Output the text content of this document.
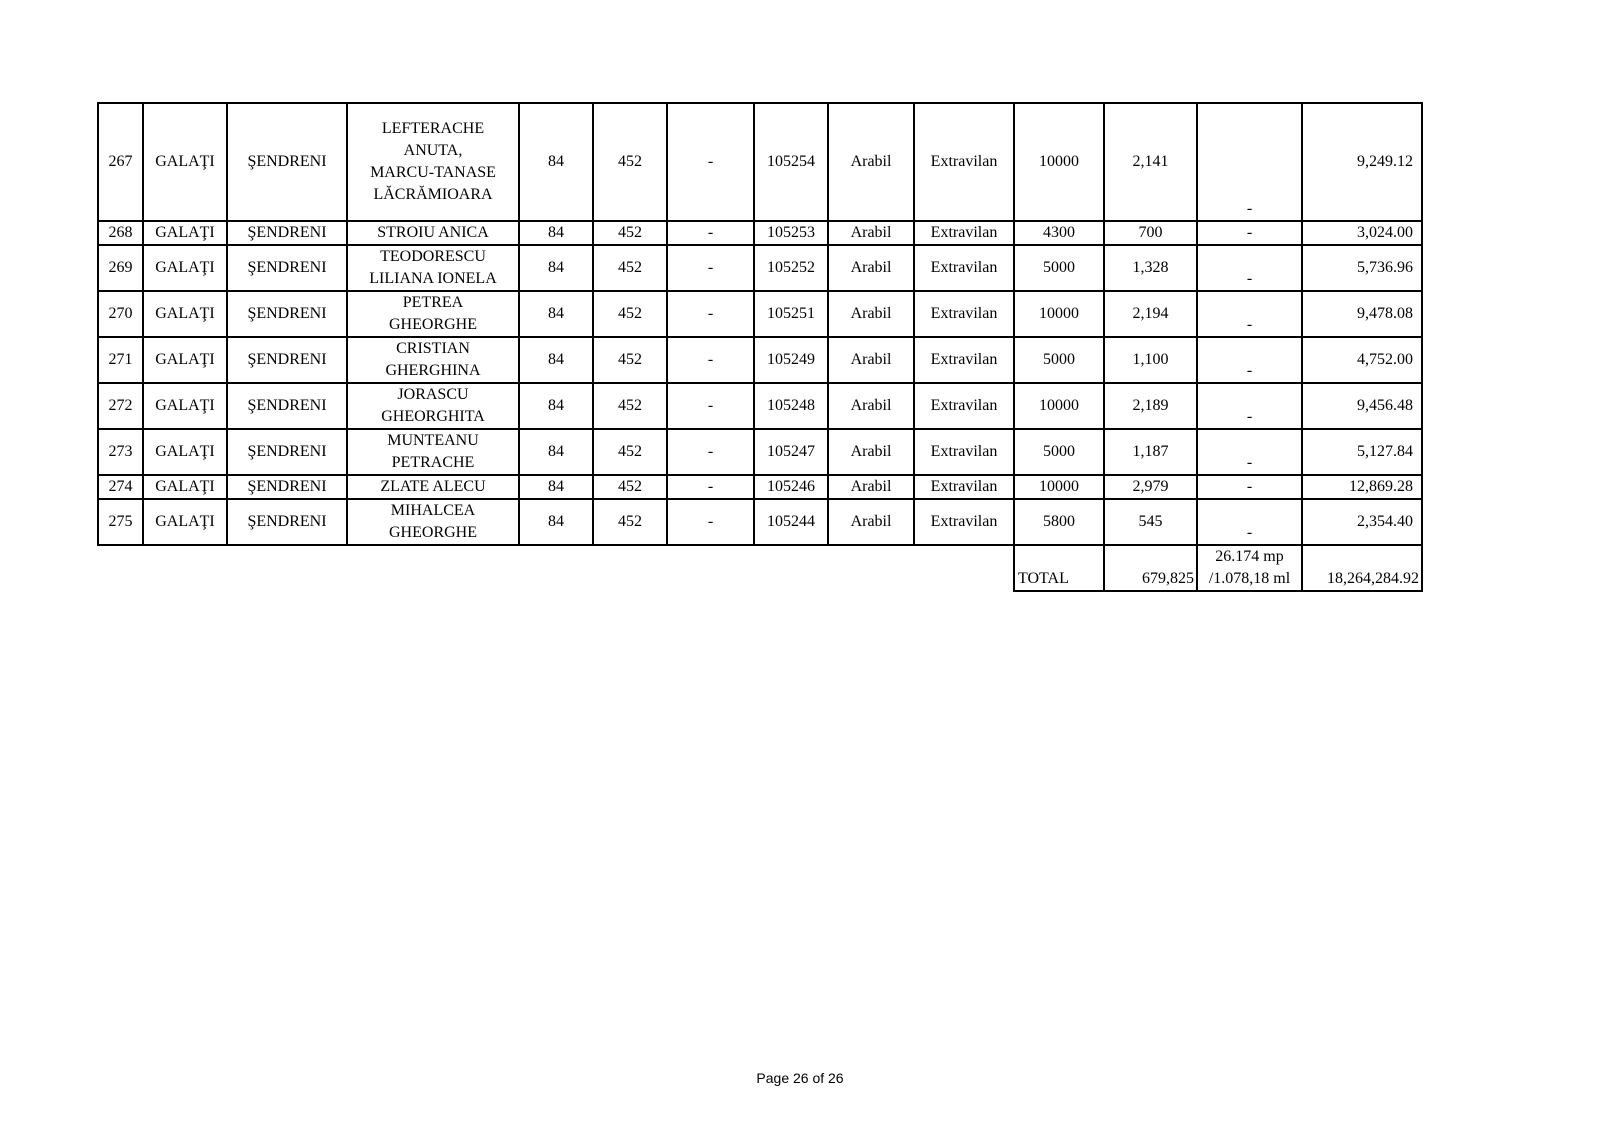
267	GALAŢI	ŞENDRENI	LEFTERACHE
ANUTA,
MARCU-TANASE
LĂCRĂMIOARA	84	452	-	105254	Arabil	Extravilan	10000	2,141	-	9,249.12
268	GALAŢI	ŞENDRENI	STROIU ANICA	84	452	-	105253	Arabil	Extravilan	4300	700	-	3,024.00
269	GALAŢI	ŞENDRENI	TEODORESCU
LILIANA IONELA	84	452	-	105252	Arabil	Extravilan	5000	1,328	-	5,736.96
270	GALAŢI	ŞENDRENI	PETREA
GHEORGHE	84	452	-	105251	Arabil	Extravilan	10000	2,194	-	9,478.08
271	GALAŢI	ŞENDRENI	CRISTIAN
GHERGHINA	84	452	-	105249	Arabil	Extravilan	5000	1,100	-	4,752.00
272	GALAŢI	ŞENDRENI	JORASCU
GHEORGHITA	84	452	-	105248	Arabil	Extravilan	10000	2,189	-	9,456.48
273	GALAŢI	ŞENDRENI	MUNTEANU
PETRACHE	84	452	-	105247	Arabil	Extravilan	5000	1,187	-	5,127.84
274	GALAŢI	ŞENDRENI	ZLATE ALECU	84	452	-	105246	Arabil	Extravilan	10000	2,979	-	12,869.28
275	GALAŢI	ŞENDRENI	MIHALCEA
GHEORGHE	84	452	-	105244	Arabil	Extravilan	5800	545	-	2,354.40
										TOTAL	679,825	26.174 mp
/1.078,18 ml	18,264,284.92
Page 26 of 26
